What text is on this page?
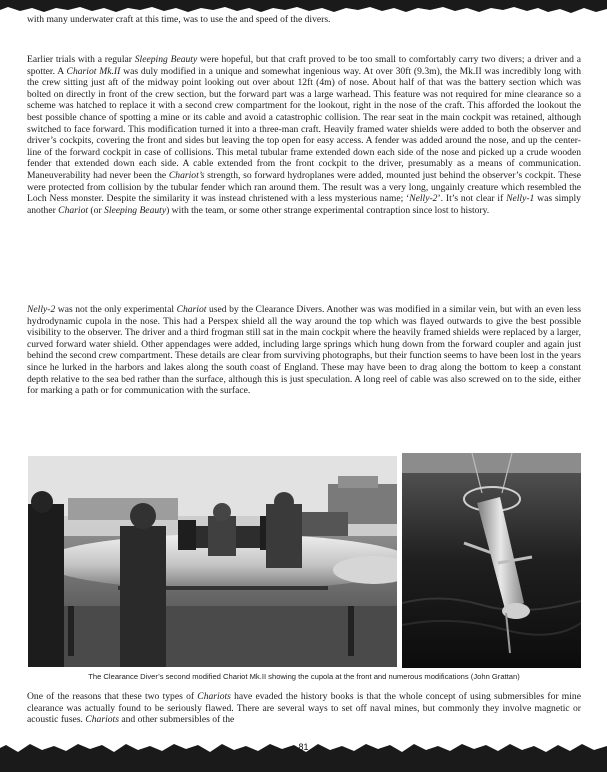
with many underwater craft at this time, was to use the and speed of the divers.

Earlier trials with a regular Sleeping Beauty were hopeful, but that craft proved to be too small to comfortably carry two divers; a driver and a spotter. A Chariot Mk.II was duly modified in a unique and somewhat ingenious way. At over 30ft (9.3m), the Mk.II was incredibly long with the crew sitting just aft of the midway point looking out over about 12ft (4m) of nose. About half of that was the battery section which was bolted on directly in front of the crew section, but the forward part was a large warhead. This feature was not required for mine clearance so a scheme was hatched to replace it with a second crew compartment for the lookout, right in the nose of the craft. This afforded the lookout the best possible chance of spotting a mine or its cable and avoid a catastrophic collision. The rear seat in the main cockpit was retained, although switched to face forward. This modification turned it into a three-man craft. Heavily framed water shields were added to both the observer and driver’s cockpits, covering the front and sides but leaving the top open for easy access. A fender was added around the nose, and up the center-line of the forward cockpit in case of collisions. This metal tubular frame extended down each side of the nose and picked up a crude wooden fender that extended down each side. A cable extended from the front cockpit to the driver, presumably as a means of communication. Maneuverability had never been the Chariot’s strength, so forward hydroplanes were added, mounted just behind the observer’s cockpit. These were protected from collision by the tubular fender which ran around them. The result was a very long, ungainly creature which resembled the Loch Ness monster. Despite the similarity it was instead christened with a less mysterious name; ‘Nelly-2’. It’s not clear if Nelly-1 was simply another Chariot (or Sleeping Beauty) with the team, or some other strange experimental contraption since lost to history.

Nelly-2 was not the only experimental Chariot used by the Clearance Divers. Another was was modified in a similar vein, but with an even less hydrodynamic cupola in the nose. This had a Perspex shield all the way around the top which was flayed outwards to give the best possible visibility to the observer. The driver and a third frogman still sat in the main cockpit where the heavily framed shields were replaced by a larger, curved forward water shield. Other appendages were added, including large springs which hung down from the forward coupler and again just behind the second crew compartment. These details are clear from surviving photographs, but their function seems to have been lost in the years since he lurked in the harbors and lakes along the south coast of England. These may have been to drag along the bottom to keep a constant depth relative to the sea bed rather than the surface, although this is just speculation. A long reel of cable was also screwed on to the side, either for marking a path or for communication with the surface.

The Clearance Diver’s second modified Chariot Mk.II showing the cupola at the front and numerous modifications (John Grattan)

One of the reasons that these two types of Chariots have evaded the history books is that the whole concept of using submersibles for mine clearance was actually found to be seriously flawed. There are several ways to set off naval mines, but commonly they involve magnetic or acoustic fuses. Chariots and other submersibles of the

81
